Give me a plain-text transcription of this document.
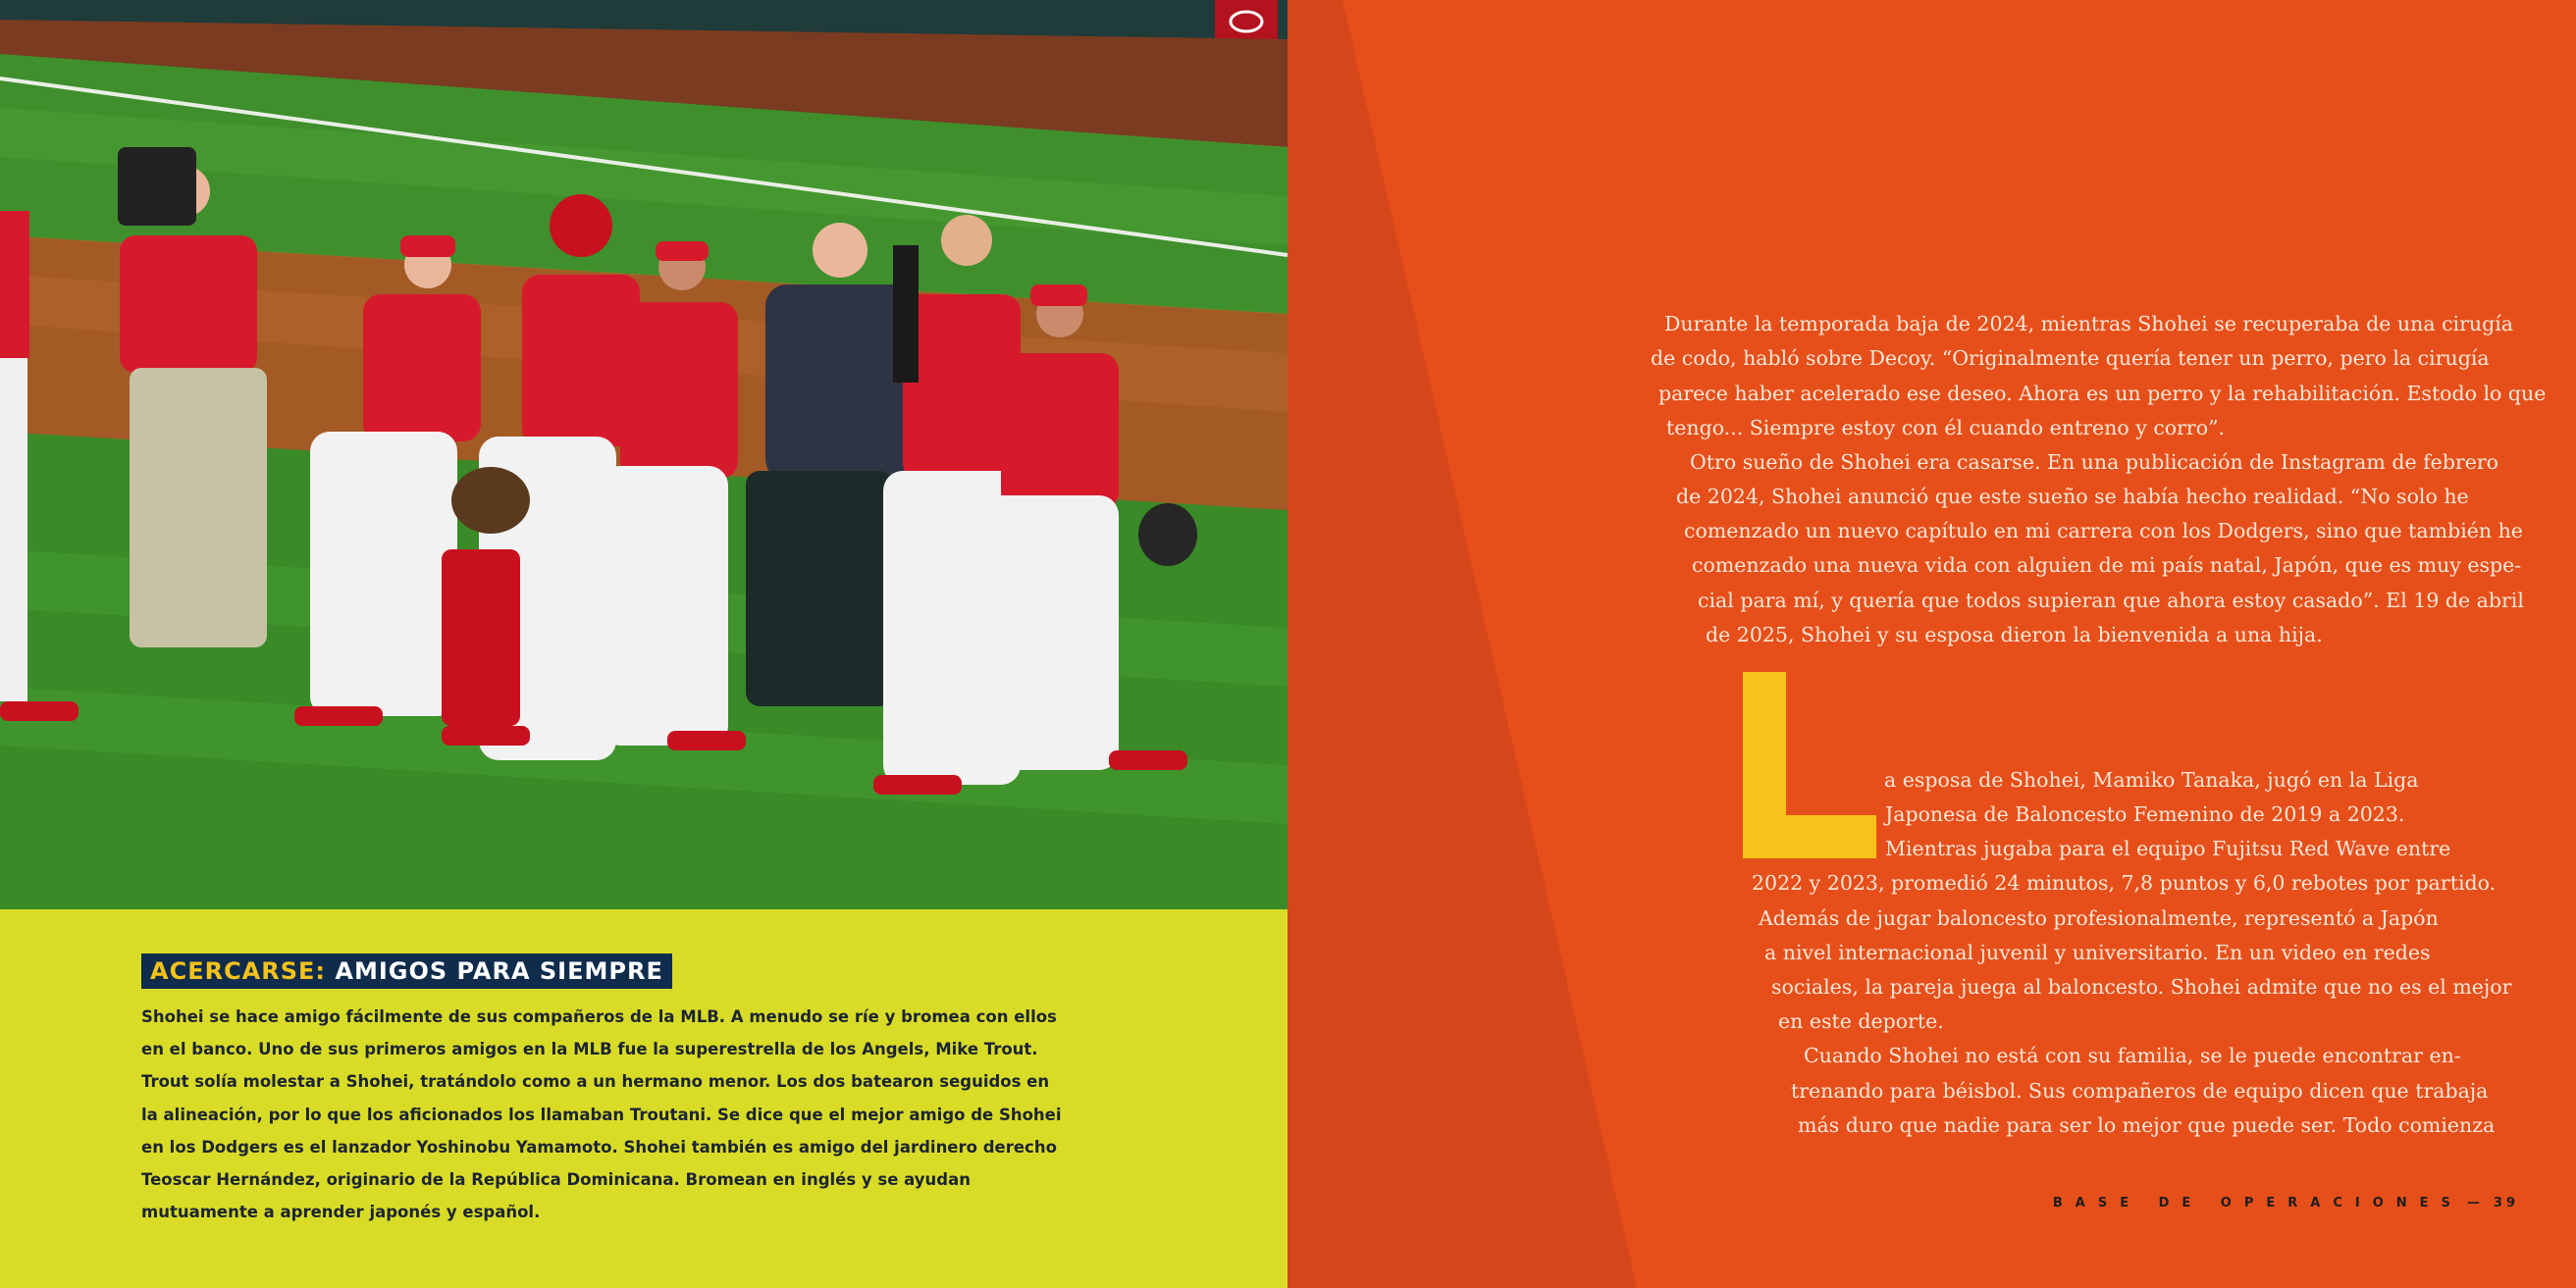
ACERCARSE: AMIGOS PARA SIEMPRE

Shohei se hace amigo fácilmente de sus compañeros de la MLB. A menudo se ríe y bromea con ellos en el banco. Uno de sus primeros amigos en la MLB fue la superestrella de los Angels, Mike Trout. Trout solía molestar a Shohei, tratándolo como a un hermano menor. Los dos batearon seguidos en la alineación, por lo que los aficionados los llamaban Troutani. Se dice que el mejor amigo de Shohei en los Dodgers es el lanzador Yoshinobu Yamamoto. Shohei también es amigo del jardinero derecho Teoscar Hernández, originario de la República Dominicana. Bromean en inglés y se ayudan mutuamente a aprender japonés y español.

Durante la temporada baja de 2024, mientras Shohei se recuperaba de una cirugía
de codo, habló sobre Decoy. “Originalmente quería tener un perro, pero la cirugía
parece haber acelerado ese deseo. Ahora es un perro y la rehabilitación. Estodo lo que
tengo... Siempre estoy con él cuando entreno y corro”.
Otro sueño de Shohei era casarse. En una publicación de Instagram de febrero
de 2024, Shohei anunció que este sueño se había hecho realidad. “No solo he
comenzado un nuevo capítulo en mi carrera con los Dodgers, sino que también he
comenzado una nueva vida con alguien de mi país natal, Japón, que es muy espe-
cial para mí, y quería que todos supieran que ahora estoy casado”. El 19 de abril
de 2025, Shohei y su esposa dieron la bienvenida a una hija.
a esposa de Shohei, Mamiko Tanaka, jugó en la Liga
Japonesa de Baloncesto Femenino de 2019 a 2023.
Mientras jugaba para el equipo Fujitsu Red Wave entre
2022 y 2023, promedió 24 minutos, 7,8 puntos y 6,0 rebotes por partido.
Además de jugar baloncesto profesionalmente, representó a Japón
a nivel internacional juvenil y universitario. En un video en redes
sociales, la pareja juega al baloncesto. Shohei admite que no es el mejor
en este deporte.
Cuando Shohei no está con su familia, se le puede encontrar en-
trenando para béisbol. Sus compañeros de equipo dicen que trabaja
más duro que nadie para ser lo mejor que puede ser. Todo comienza
BASE DE OPERACIONES — 39
